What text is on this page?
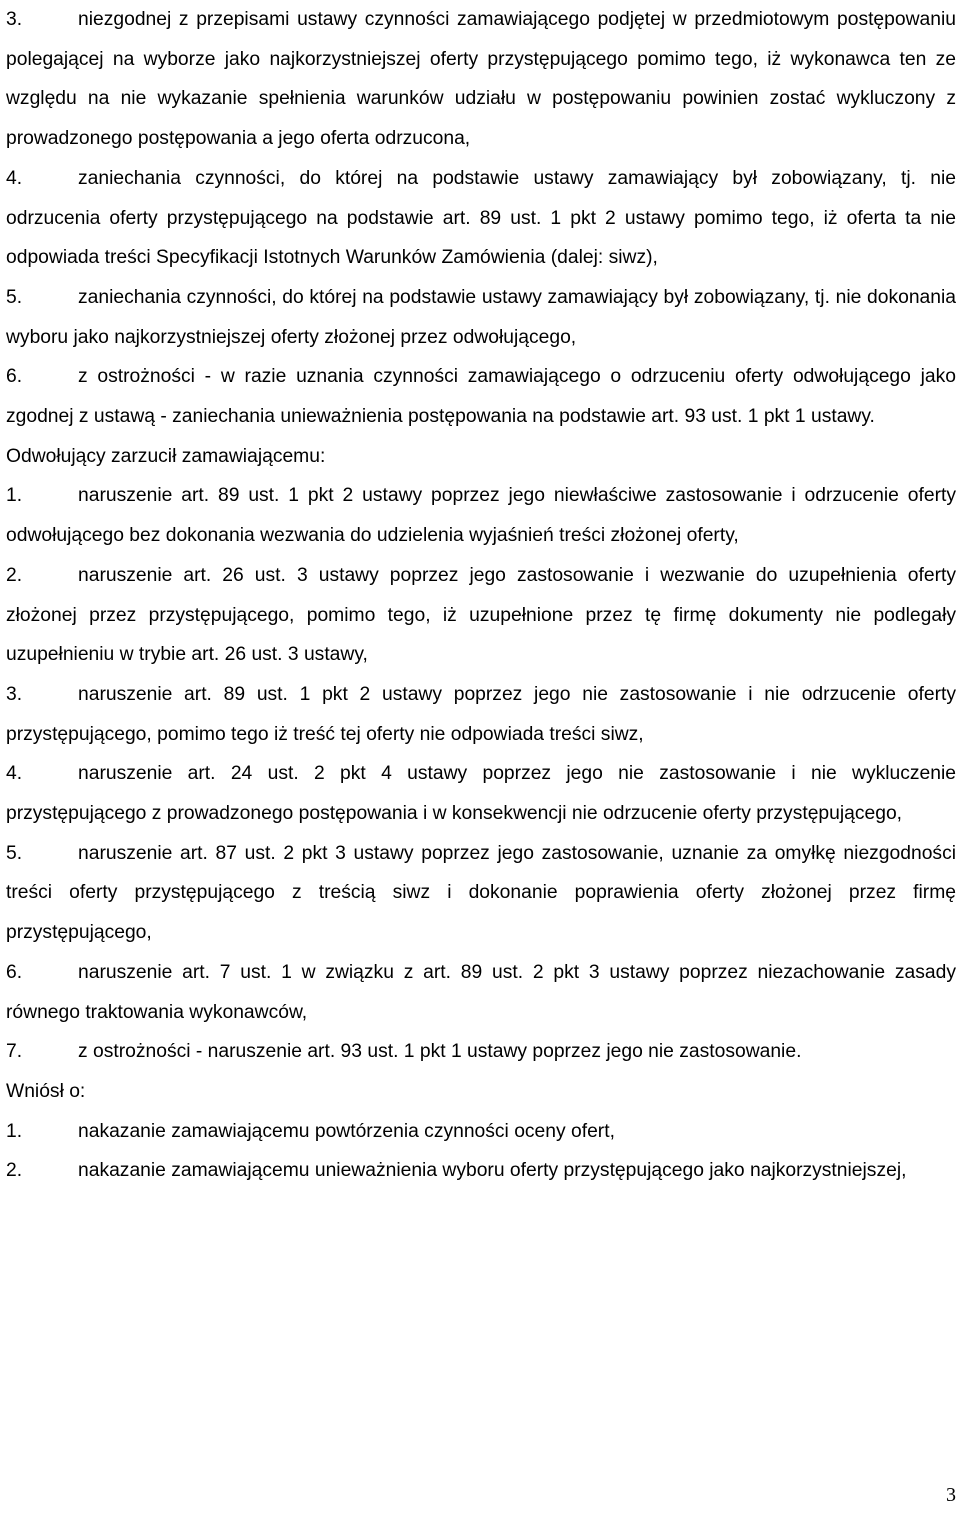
3.	niezgodnej z przepisami ustawy czynności zamawiającego podjętej w przedmiotowym postępowaniu polegającej na wyborze jako najkorzystniejszej oferty przystępującego pomimo tego, iż wykonawca ten ze względu na nie wykazanie spełnienia warunków udziału w postępowaniu powinien zostać wykluczony z prowadzonego postępowania a jego oferta odrzucona,

4.	zaniechania czynności, do której na podstawie ustawy zamawiający był zobowiązany, tj. nie odrzucenia oferty przystępującego na podstawie art. 89 ust. 1 pkt 2 ustawy pomimo tego, iż oferta ta nie odpowiada treści Specyfikacji Istotnych Warunków Zamówienia (dalej: siwz),

5.	zaniechania czynności, do której na podstawie ustawy zamawiający był zobowiązany, tj. nie dokonania wyboru jako najkorzystniejszej oferty złożonej przez odwołującego,

6.	z ostrożności - w razie uznania czynności zamawiającego o odrzuceniu oferty odwołującego jako zgodnej z ustawą - zaniechania unieważnienia postępowania na podstawie art. 93 ust. 1 pkt 1 ustawy.

Odwołujący zarzucił zamawiającemu:

1.	naruszenie art. 89 ust. 1 pkt 2 ustawy poprzez jego niewłaściwe zastosowanie i odrzucenie oferty odwołującego bez dokonania wezwania do udzielenia wyjaśnień treści złożonej oferty,

2.	naruszenie art. 26 ust. 3 ustawy poprzez jego zastosowanie i wezwanie do uzupełnienia oferty złożonej przez przystępującego, pomimo tego, iż uzupełnione przez tę firmę dokumenty nie podlegały uzupełnieniu w trybie art. 26 ust. 3 ustawy,

3.	naruszenie art. 89 ust. 1 pkt 2 ustawy poprzez jego nie zastosowanie i nie odrzucenie oferty przystępującego, pomimo tego iż treść tej oferty nie odpowiada treści siwz,

4.	naruszenie art. 24 ust. 2 pkt 4 ustawy poprzez jego nie zastosowanie i nie wykluczenie przystępującego z prowadzonego postępowania i w konsekwencji nie odrzucenie oferty przystępującego,

5.	naruszenie art. 87 ust. 2 pkt 3 ustawy poprzez jego zastosowanie, uznanie za omyłkę niezgodności treści oferty przystępującego z treścią siwz i dokonanie poprawienia oferty złożonej przez firmę przystępującego,

6.	naruszenie art. 7 ust. 1 w związku z art. 89 ust. 2 pkt 3 ustawy poprzez niezachowanie zasady równego traktowania wykonawców,

7.	z ostrożności - naruszenie art. 93 ust. 1 pkt 1 ustawy poprzez jego nie zastosowanie.

Wniósł o:

1.	nakazanie zamawiającemu powtórzenia czynności oceny ofert,

2.	nakazanie zamawiającemu unieważnienia wyboru oferty przystępującego jako najkorzystniejszej,

3
